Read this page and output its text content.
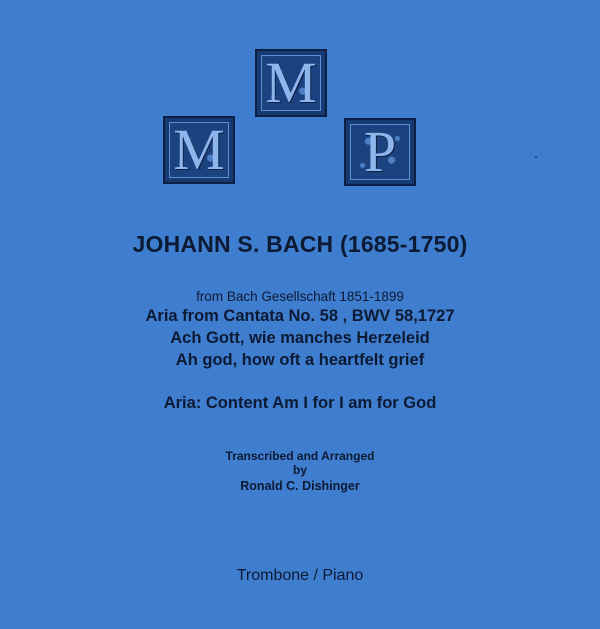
M
M
P
JOHANN S. BACH (1685-1750)
from Bach Gesellschaft 1851-1899
Aria from Cantata No. 58 , BWV 58,1727
Ach Gott, wie manches Herzeleid
Ah god, how oft a heartfelt grief
Aria: Content Am I for I am for God
Transcribed and Arranged
by
Ronald C. Dishinger
Trombone / Piano
